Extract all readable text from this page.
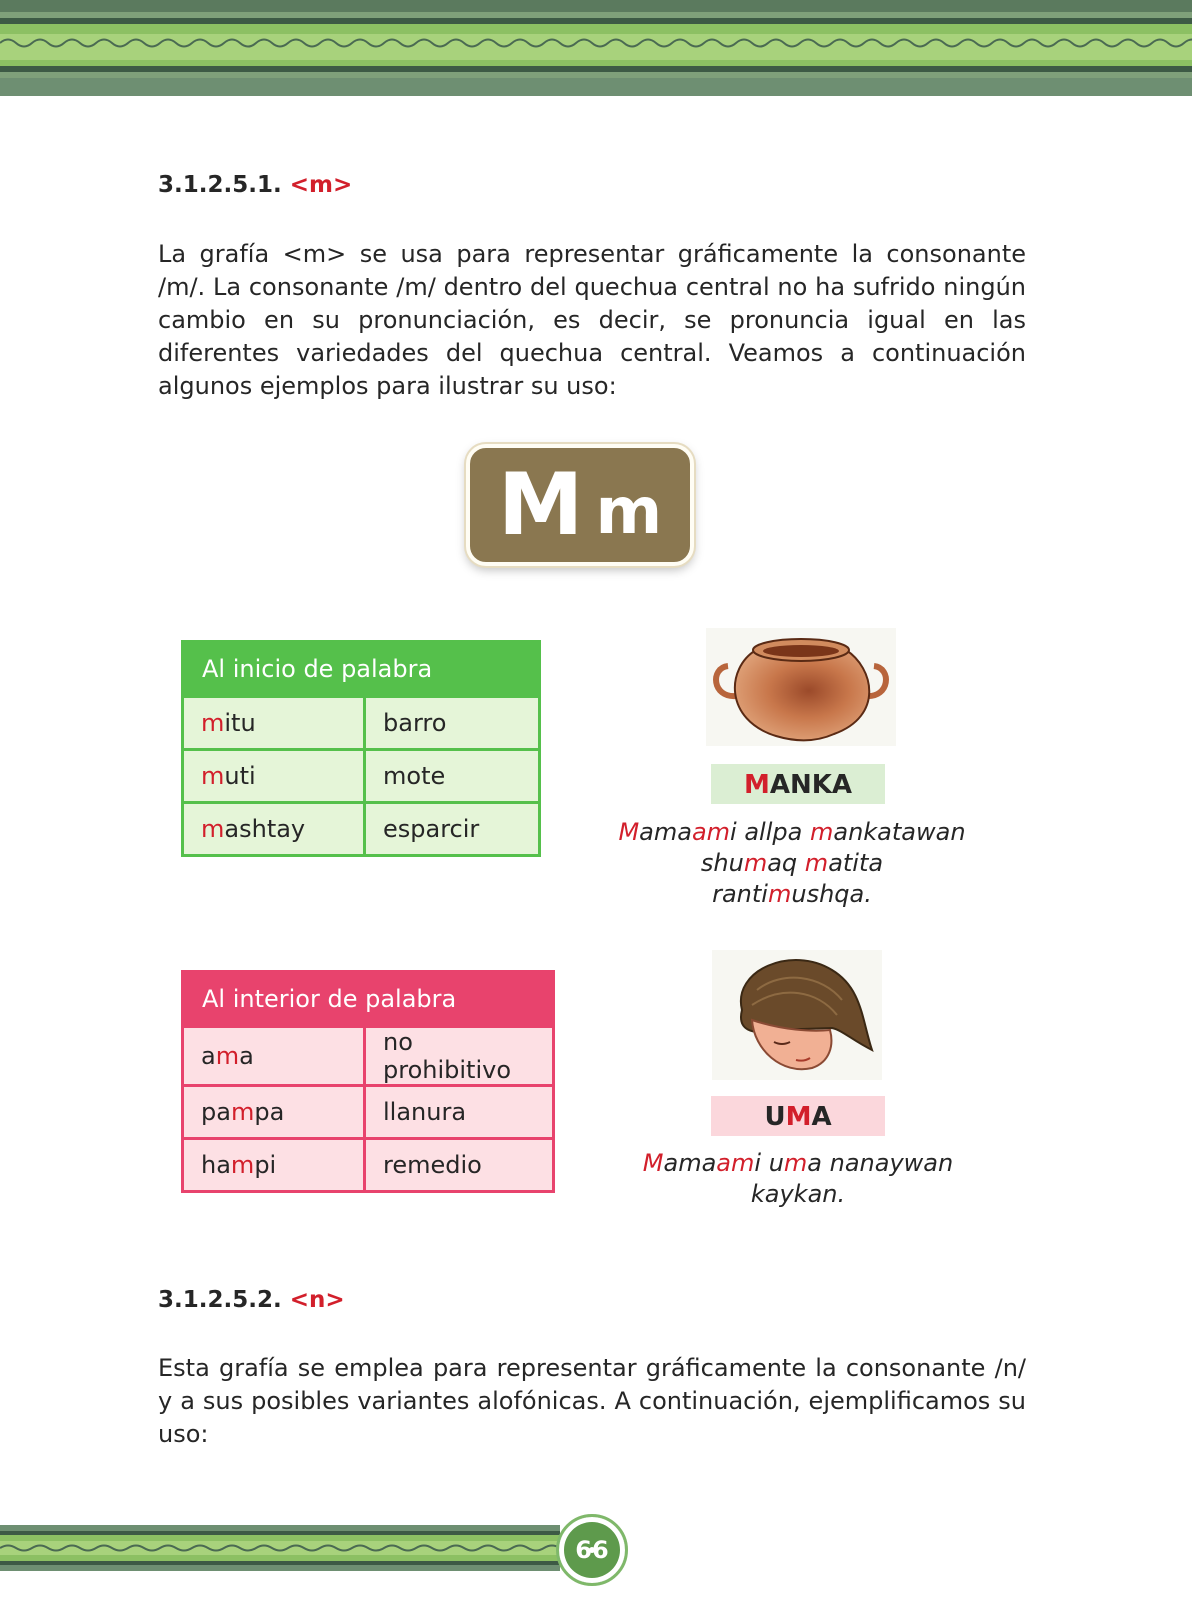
3.1.2.5.1. <m>

La grafía <m> se usa para representar gráficamente la consonante /m/. La consonante /m/ dentro del quechua central no ha sufrido ningún cambio en su pronunciación, es decir, se pronuncia igual en las diferentes variedades del quechua central. Veamos a continuación algunos ejemplos para ilustrar su uso:

M m
Al inicio de palabra	
mitu	barro
muti	mote
mashtay	esparcir
MANKA
Mamaami allpa mankatawan
shumaq matita rantimushqa.
Al interior de palabra	
ama	no prohibitivo
pampa	llanura
hampi	remedio
UMA
Mamaami uma nanaywan
kaykan.
3.1.2.5.2. <n>

Esta grafía se emplea para representar gráficamente la consonante /n/ y a sus posibles variantes alofónicas. A continuación, ejemplificamos su uso:

66
